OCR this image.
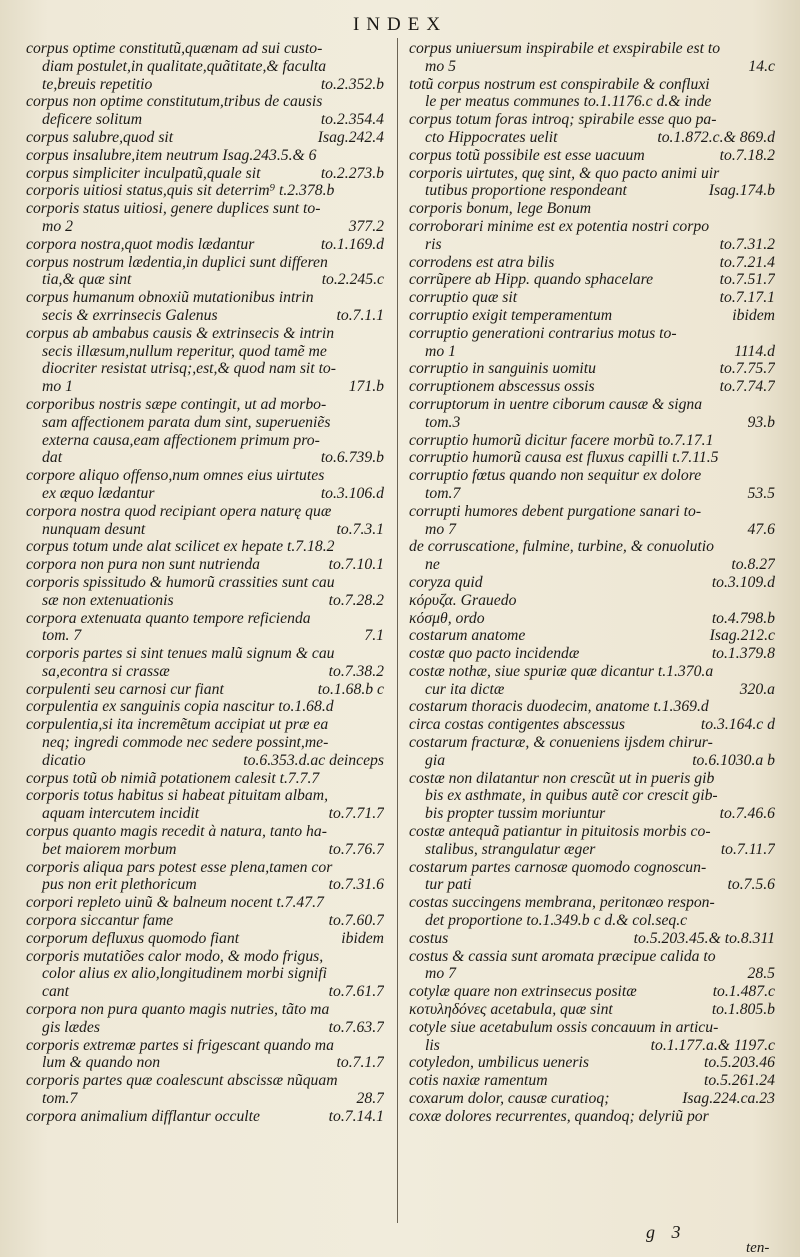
INDEX
corpus optime constitutũ,quænam ad sui custo-
diam postulet,in qualitate,quãtitate,& faculta
te,breuis repetitio	to.2.352.b
corpus non optime constitutum,tribus de causis
deficere solitum	to.2.354.4
corpus salubre,quod sit	Isag.242.4
corpus insalubre,item neutrum Isag.243.5.& 6
corpus simpliciter inculpatũ,quale sit	to.2.273.b
corporis uitiosi status,quis sit deterrim⁹ t.2.378.b
corporis status uitiosi, genere duplices sunt to-
mo 2	377.2
corpora nostra,quot modis lædantur	to.1.169.d
corpus nostrum lædentia,in duplici sunt differen
tia,& quæ sint	to.2.245.c
corpus humanum obnoxiũ mutationibus intrin
secis & exrrinsecis Galenus	to.7.1.1
corpus ab ambabus causis & extrinsecis & intrin
secis illæsum,nullum reperitur, quod tamẽ me
diocriter resistat utrisq;,est,& quod nam sit to-
mo 1	171.b
corporibus nostris sæpe contingit, ut ad morbo-
sam affectionem parata dum sint, superueniẽs
externa causa,eam affectionem primum pro-
dat	to.6.739.b
corpore aliquo offenso,num omnes eius uirtutes
ex æquo lædantur	to.3.106.d
corpora nostra quod recipiant opera naturę quæ
nunquam desunt	to.7.3.1
corpus totum unde alat scilicet ex hepate t.7.18.2
corpora non pura non sunt nutrienda	to.7.10.1
corporis spissitudo & humorũ crassities sunt cau
sæ non extenuationis	to.7.28.2
corpora extenuata quanto tempore reficienda
tom. 7	7.1
corporis partes si sint tenues malũ signum & cau
sa,econtra si crassæ	to.7.38.2
corpulenti seu carnosi cur fiant	to.1.68.b c
corpulentia ex sanguinis copia nascitur to.1.68.d
corpulentia,si ita incremẽtum accipiat ut præ ea
neq; ingredi commode nec sedere possint,me-
dicatio	to.6.353.d.ac deinceps
corpus totũ ob nimiã potationem calesit t.7.7.7
corporis totus habitus si habeat pituitam albam,
aquam intercutem incidit	to.7.71.7
corpus quanto magis recedit à natura, tanto ha-
bet maiorem morbum	to.7.76.7
corporis aliqua pars potest esse plena,tamen cor
pus non erit plethoricum	to.7.31.6
corpori repleto uinũ & balneum nocent t.7.47.7
corpora siccantur fame	to.7.60.7
corporum defluxus quomodo fiant	ibidem
corporis mutatiões calor modo, & modo frigus,
color alius ex alio,longitudinem morbi signifi
cant	to.7.61.7
corpora non pura quanto magis nutries, tãto ma
gis lædes	to.7.63.7
corporis extremæ partes si frigescant quando ma
lum & quando non	to.7.1.7
corporis partes quæ coalescunt abscissæ nũquam
tom.7	28.7
corpora animalium difflantur occulte	to.7.14.1
corpus uniuersum inspirabile et exspirabile est to
mo 5	14.c
totũ corpus nostrum est conspirabile & confluxi
le per meatus communes to.1.1176.c d.& inde
corpus totum foras introq; spirabile esse quo pa-
cto Hippocrates uelit	to.1.872.c.& 869.d
corpus totũ possibile est esse uacuum	to.7.18.2
corporis uirtutes, quę sint, & quo pacto animi uir
tutibus proportione respondeant	Isag.174.b
corporis bonum, lege Bonum
corroborari minime est ex potentia nostri corpo
ris	to.7.31.2
corrodens est atra bilis	to.7.21.4
corrũpere ab Hipp. quando sphacelare	to.7.51.7
corruptio quæ sit	to.7.17.1
corruptio exigit temperamentum	ibidem
corruptio generationi contrarius motus to-
mo 1	1114.d
corruptio in sanguinis uomitu	to.7.75.7
corruptionem abscessus ossis	to.7.74.7
corruptorum in uentre ciborum causæ & signa
tom.3	93.b
corruptio humorũ dicitur facere morbũ to.7.17.1
corruptio humorũ causa est fluxus capilli t.7.11.5
corruptio fœtus quando non sequitur ex dolore
tom.7	53.5
corrupti humores debent purgatione sanari to-
mo 7	47.6
de corruscatione, fulmine, turbine, & conuolutio
ne	to.8.27
coryza quid	to.3.109.d
κόρυζα. Grauedo
κόσμθ, ordo	to.4.798.b
costarum anatome	Isag.212.c
costæ quo pacto incidendæ	to.1.379.8
costæ nothæ, siue spuriæ quæ dicantur t.1.370.a
cur ita dictæ	320.a
costarum thoracis duodecim, anatome t.1.369.d
circa costas contigentes abscessus	to.3.164.c d
costarum fracturæ, & conueniens ijsdem chirur-
gia	to.6.1030.a b
costæ non dilatantur non crescũt ut in pueris gib
bis ex asthmate, in quibus autẽ cor crescit gib-
bis propter tussim moriuntur	to.7.46.6
costæ antequã patiantur in pituitosis morbis co-
stalibus, strangulatur æger	to.7.11.7
costarum partes carnosæ quomodo cognoscun-
tur pati	to.7.5.6
costas succingens membrana, peritonæo respon-
det proportione to.1.349.b c d.& col.seq.c
costus	to.5.203.45.& to.8.311
costus & cassia sunt aromata præcipue calida to
mo 7	28.5
cotylæ quare non extrinsecus positæ	to.1.487.c
κοτυληδόνες acetabula, quæ sint	to.1.805.b
cotyle siue acetabulum ossis concauum in articu-
lis	to.1.177.a.& 1197.c
cotyledon, umbilicus ueneris	to.5.203.46
cotis naxiæ ramentum	to.5.261.24
coxarum dolor, causæ curatioq;	Isag.224.ca.23
coxæ dolores recurrentes, quandoq; delyriũ por
g 3
ten-
